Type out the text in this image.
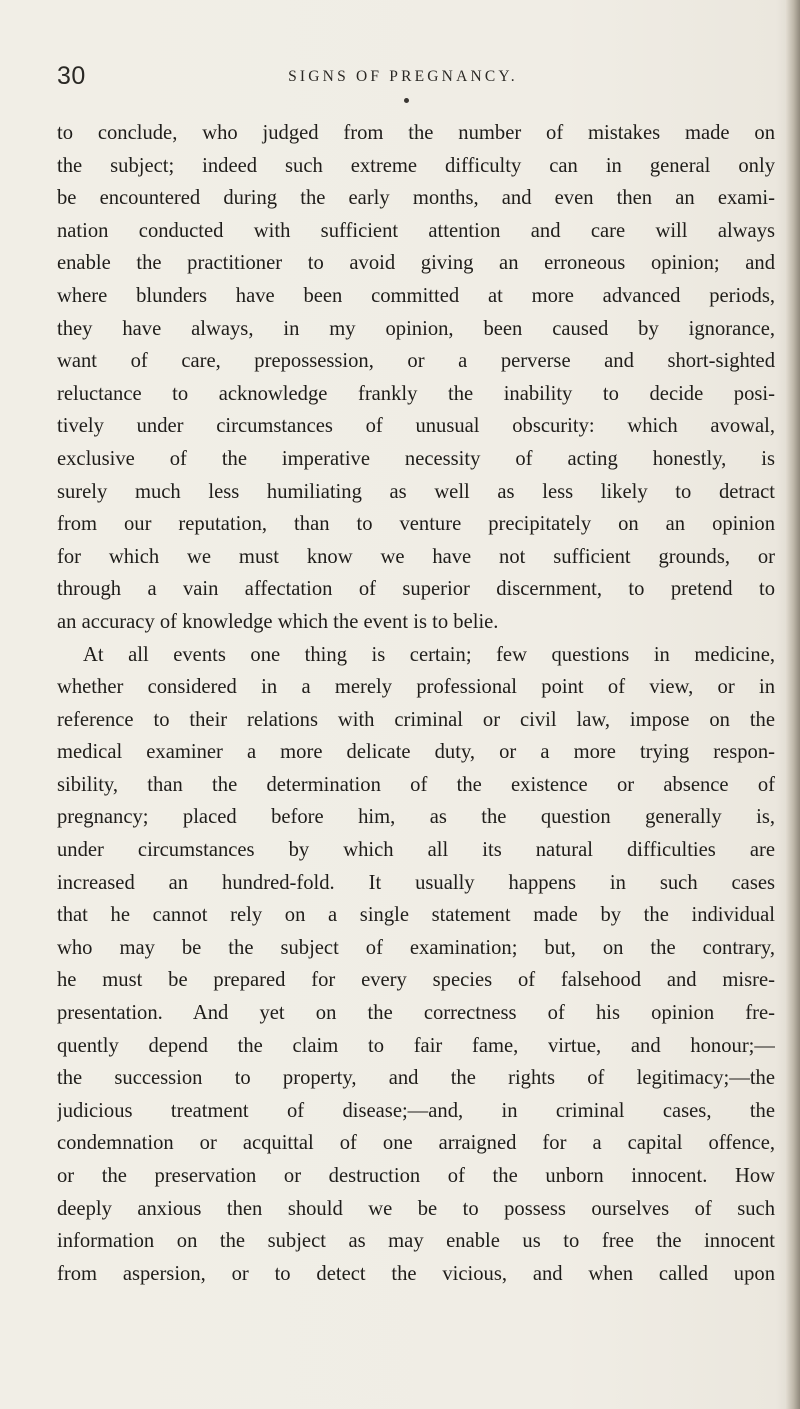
30	SIGNS OF PREGNANCY.
to conclude, who judged from the number of mistakes made on
the subject; indeed such extreme difficulty can in general only
be encountered during the early months, and even then an exami-
nation conducted with sufficient attention and care will always
enable the practitioner to avoid giving an erroneous opinion; and
where blunders have been committed at more advanced periods,
they have always, in my opinion, been caused by ignorance,
want of care, prepossession, or a perverse and short-sighted
reluctance to acknowledge frankly the inability to decide posi-
tively under circumstances of unusual obscurity: which avowal,
exclusive of the imperative necessity of acting honestly, is
surely much less humiliating as well as less likely to detract
from our reputation, than to venture precipitately on an opinion
for which we must know we have not sufficient grounds, or
through a vain affectation of superior discernment, to pretend to
an accuracy of knowledge which the event is to belie.
At all events one thing is certain; few questions in medicine,
whether considered in a merely professional point of view, or in
reference to their relations with criminal or civil law, impose on the
medical examiner a more delicate duty, or a more trying respon-
sibility, than the determination of the existence or absence of
pregnancy; placed before him, as the question generally is,
under circumstances by which all its natural difficulties are
increased an hundred-fold. It usually happens in such cases
that he cannot rely on a single statement made by the individual
who may be the subject of examination; but, on the contrary,
he must be prepared for every species of falsehood and misre-
presentation. And yet on the correctness of his opinion fre-
quently depend the claim to fair fame, virtue, and honour;—
the succession to property, and the rights of legitimacy;—the
judicious treatment of disease;—and, in criminal cases, the
condemnation or acquittal of one arraigned for a capital offence,
or the preservation or destruction of the unborn innocent. How
deeply anxious then should we be to possess ourselves of such
information on the subject as may enable us to free the innocent
from aspersion, or to detect the vicious, and when called upon
